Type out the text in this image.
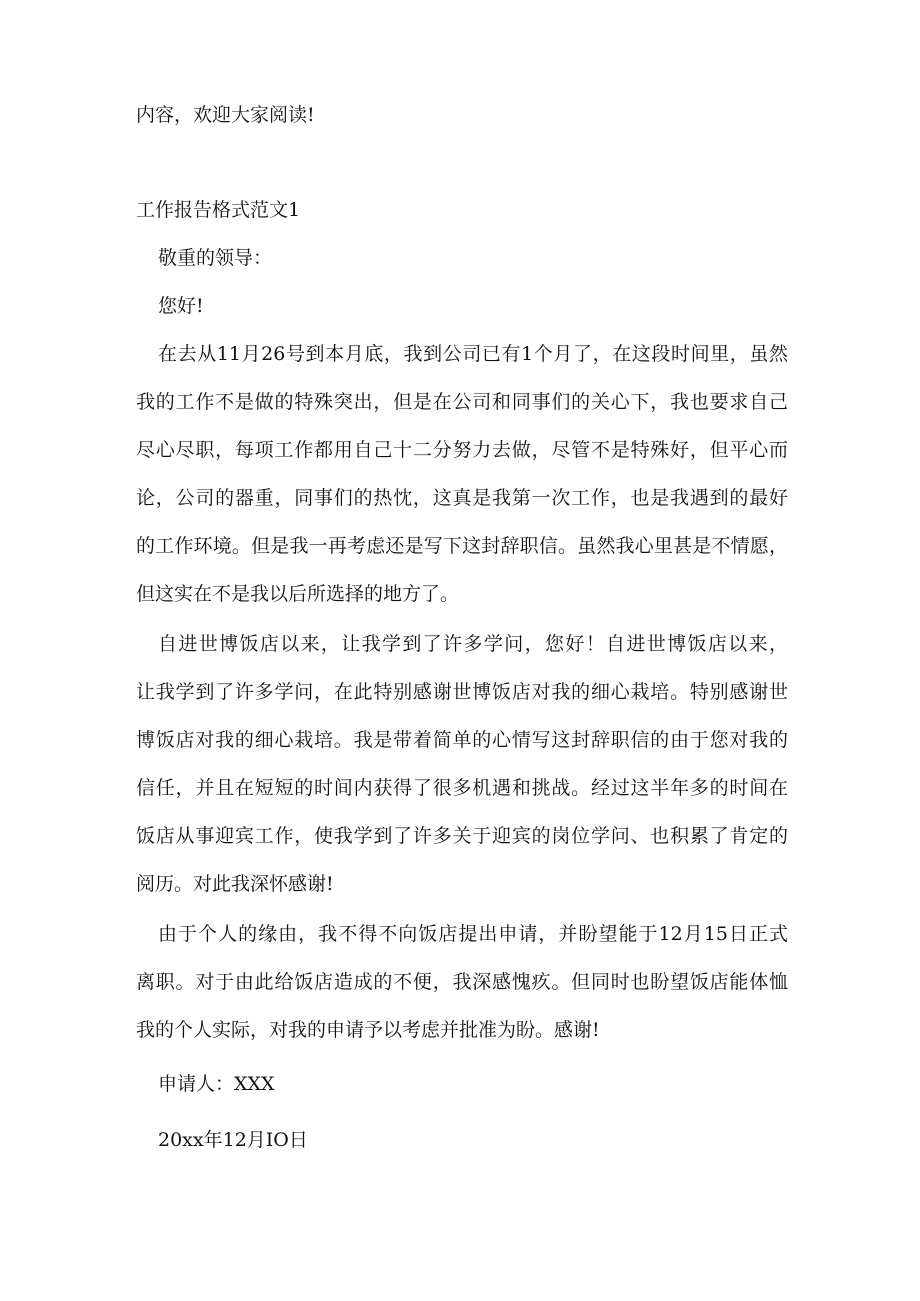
内容，欢迎大家阅读!
工作报告格式范文1
敬重的领导：
您好!
在去从11月26号到本月底，我到公司已有1个月了，在这段时间里，虽然
我的工作不是做的特殊突出，但是在公司和同事们的关心下，我也要求自己
尽心尽职，每项工作都用自己十二分努力去做，尽管不是特殊好，但平心而
论，公司的器重，同事们的热忱，这真是我第一次工作，也是我遇到的最好
的工作环境。但是我一再考虑还是写下这封辞职信。虽然我心里甚是不情愿，
但这实在不是我以后所选择的地方了。
自进世博饭店以来，让我学到了许多学问，您好！自进世博饭店以来，
让我学到了许多学问，在此特别感谢世博饭店对我的细心栽培。特别感谢世
博饭店对我的细心栽培。我是带着简单的心情写这封辞职信的由于您对我的
信任，并且在短短的时间内获得了很多机遇和挑战。经过这半年多的时间在
饭店从事迎宾工作，使我学到了许多关于迎宾的岗位学问、也积累了肯定的
阅历。对此我深怀感谢!
由于个人的缘由，我不得不向饭店提出申请，并盼望能于12月15日正式
离职。对于由此给饭店造成的不便，我深感愧疚。但同时也盼望饭店能体恤
我的个人实际，对我的申请予以考虑并批准为盼。感谢!
申请人：XXX
20xx年12月IO日
